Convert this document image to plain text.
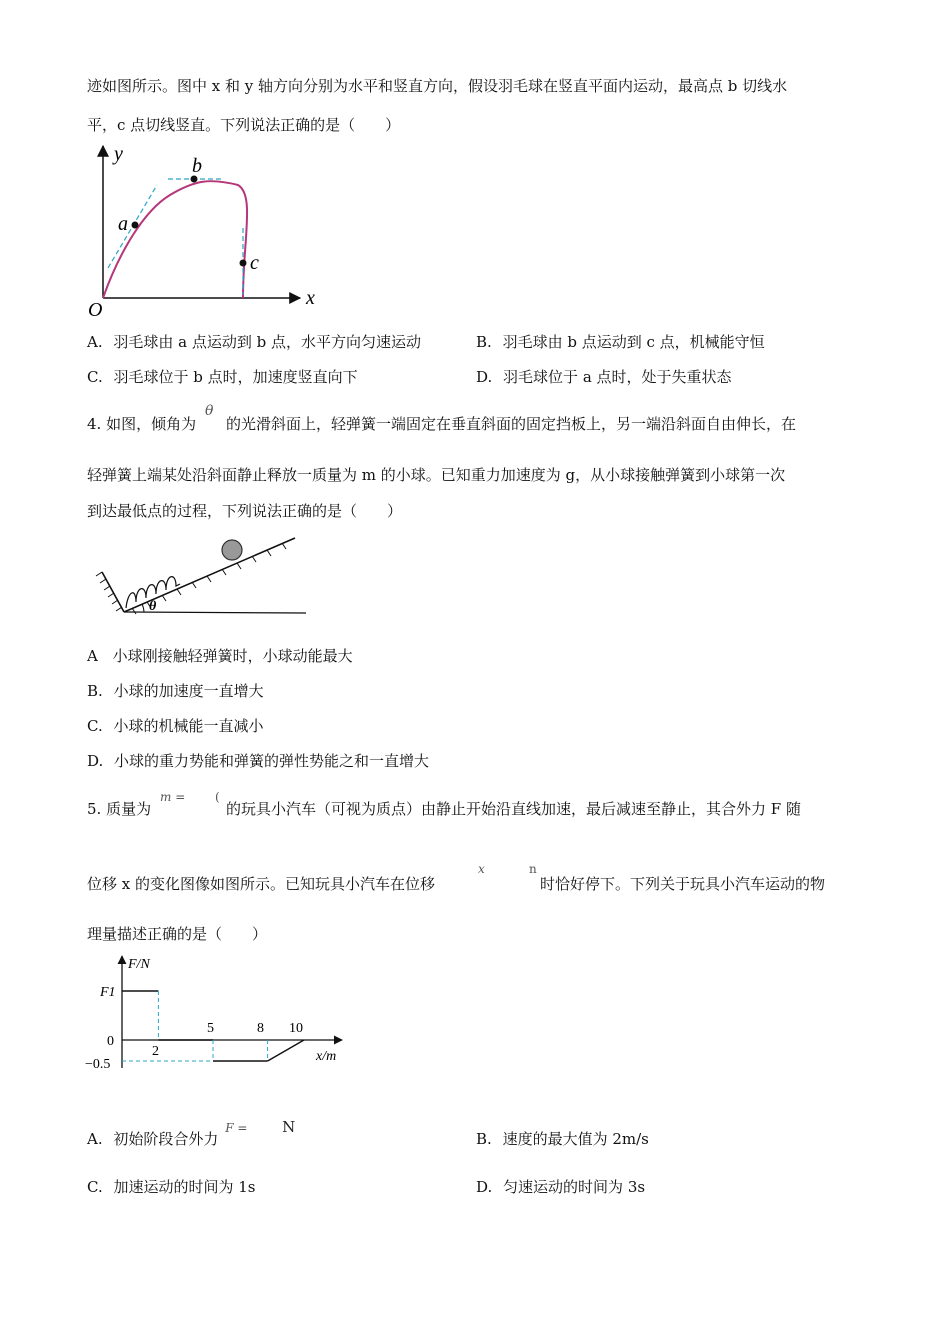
迹如图所示。图中 x 和 y 轴方向分别为水平和竖直方向，假设羽毛球在竖直平面内运动，最高点 b 切线水
平，c 点切线竖直。下列说法正确的是（　　）
y
x
O
a
b
c
A. 羽毛球由 a 点运动到 b 点，水平方向匀速运动	B. 羽毛球由 b 点运动到 c 点，机械能守恒
C. 羽毛球位于 b 点时，加速度竖直向下	D. 羽毛球位于 a 点时，处于失重状态
4. 如图，倾角为
θ
的光滑斜面上，轻弹簧一端固定在垂直斜面的固定挡板上，另一端沿斜面自由伸长，在
轻弹簧上端某处沿斜面静止释放一质量为 m 的小球。已知重力加速度为 g，从小球接触弹簧到小球第一次
到达最低点的过程，下列说法正确的是（　　）
θ
A 小球刚接触轻弹簧时，小球动能最大
B. 小球的加速度一直增大
C. 小球的机械能一直减小
D. 小球的重力势能和弹簧的弹性势能之和一直增大
5. 质量为
m = (
的玩具小汽车（可视为质点）由静止开始沿直线加速，最后减速至静止，其合外力 F 随
位移 x 的变化图像如图所示。已知玩具小汽车在位移
x	n
时恰好停下。下列关于玩具小汽车运动的物
理量描述正确的是（　　）
F/N
x/m
F1
0
−0.5
2
5	8 10
A. 初始阶段合外力 $^{F =}$ N
B. 速度的最大值为 2m/s
C. 加速运动的时间为 1s	D. 匀速运动的时间为 3s
